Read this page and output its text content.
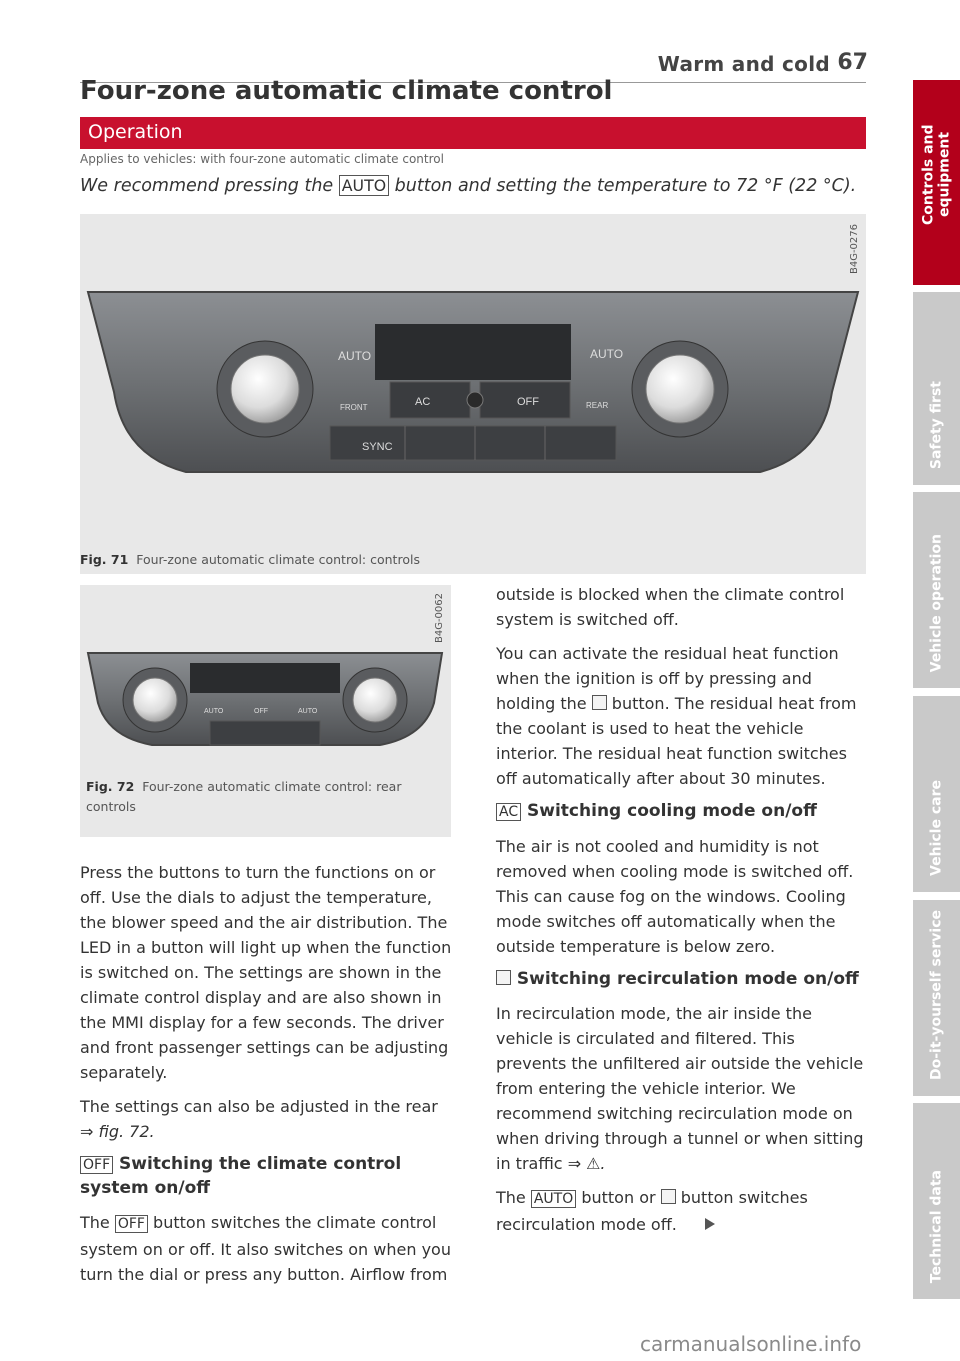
Warm and cold 67
Four-zone automatic climate control
Operation
Applies to vehicles: with four-zone automatic climate control
We recommend pressing the AUTO button and setting the temperature to 72 °F (22 °C).
B4G-0276
AUTO	AUTO
FRONT	REAR
AC	OFF
SYNC
Fig. 71 Four-zone automatic climate control: controls
B4G-0062
AUTO	OFF	AUTO
Fig. 72 Four-zone automatic climate control: rear controls

Press the buttons to turn the functions on or off. Use the dials to adjust the temperature, the blower speed and the air distribution. The LED in a button will light up when the function is switched on. The settings are shown in the climate control display and are also shown in the MMI display for a few seconds. The driver and front passenger settings can be adjusting separately.

The settings can also be adjusted in the rear ⇒ fig. 72.

OFF Switching the climate control system on/off

The OFF button switches the climate control system on or off. It also switches on when you turn the dial or press any button. Airflow from

outside is blocked when the climate control system is switched off.

You can activate the residual heat function when the ignition is off by pressing and holding the  button. The residual heat from the coolant is used to heat the vehicle interior. The residual heat function switches off automatically after about 30 minutes.

AC Switching cooling mode on/off

The air is not cooled and humidity is not removed when cooling mode is switched off. This can cause fog on the windows. Cooling mode switches off automatically when the outside temperature is below zero.

Switching recirculation mode on/off

In recirculation mode, the air inside the vehicle is circulated and filtered. This prevents the unfiltered air outside the vehicle from entering the vehicle interior. We recommend switching recirculation mode on when driving through a tunnel or when sitting in traffic ⇒ ⚠.

The AUTO button or  button switches recirculation mode off.

Controls and equipment
Safety first
Vehicle operation
Vehicle care
Do-it-yourself service
Technical data
carmanualsonline.info
